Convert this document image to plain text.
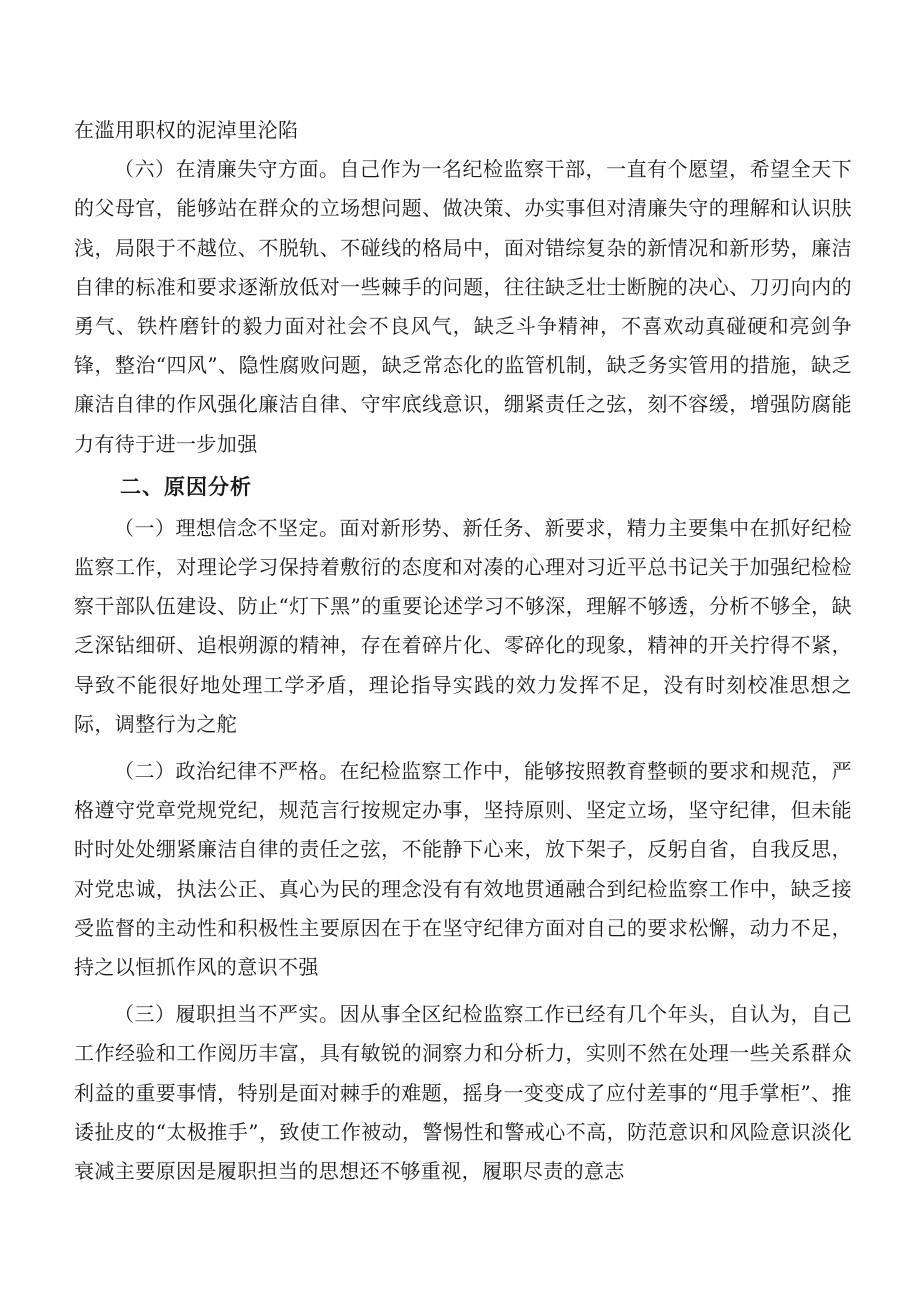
在滥用职权的泥淖里沦陷

（六）在清廉失守方面。自己作为一名纪检监察干部，一直有个愿望，希望全天下的父母官，能够站在群众的立场想问题、做决策、办实事但对清廉失守的理解和认识肤浅，局限于不越位、不脱轨、不碰线的格局中，面对错综复杂的新情况和新形势，廉洁自律的标准和要求逐渐放低对一些棘手的问题，往往缺乏壮士断腕的决心、刀刃向内的勇气、铁杵磨针的毅力面对社会不良风气，缺乏斗争精神，不喜欢动真碰硬和亮剑争锋，整治“四风”、隐性腐败问题，缺乏常态化的监管机制，缺乏务实管用的措施，缺乏廉洁自律的作风强化廉洁自律、守牢底线意识，绷紧责任之弦，刻不容缓，增强防腐能力有待于进一步加强

二、原因分析

（一）理想信念不坚定。面对新形势、新任务、新要求，精力主要集中在抓好纪检监察工作，对理论学习保持着敷衍的态度和对凑的心理对习近平总书记关于加强纪检检察干部队伍建设、防止“灯下黑”的重要论述学习不够深，理解不够透，分析不够全，缺乏深钻细研、追根朔源的精神，存在着碎片化、零碎化的现象，精神的开关拧得不紧，导致不能很好地处理工学矛盾，理论指导实践的效力发挥不足，没有时刻校准思想之际，调整行为之舵

（二）政治纪律不严格。在纪检监察工作中，能够按照教育整顿的要求和规范，严格遵守党章党规党纪，规范言行按规定办事，坚持原则、坚定立场，坚守纪律，但未能时时处处绷紧廉洁自律的责任之弦，不能静下心来，放下架子，反躬自省，自我反思，对党忠诚，执法公正、真心为民的理念没有有效地贯通融合到纪检监察工作中，缺乏接受监督的主动性和积极性主要原因在于在坚守纪律方面对自己的要求松懈，动力不足，持之以恒抓作风的意识不强

（三）履职担当不严实。因从事全区纪检监察工作已经有几个年头，自认为，自己工作经验和工作阅历丰富，具有敏锐的洞察力和分析力，实则不然在处理一些关系群众利益的重要事情，特别是面对棘手的难题，摇身一变变成了应付差事的“甩手掌柜”、推诿扯皮的“太极推手”，致使工作被动，警惕性和警戒心不高，防范意识和风险意识淡化衰减主要原因是履职担当的思想还不够重视，履职尽责的意志
